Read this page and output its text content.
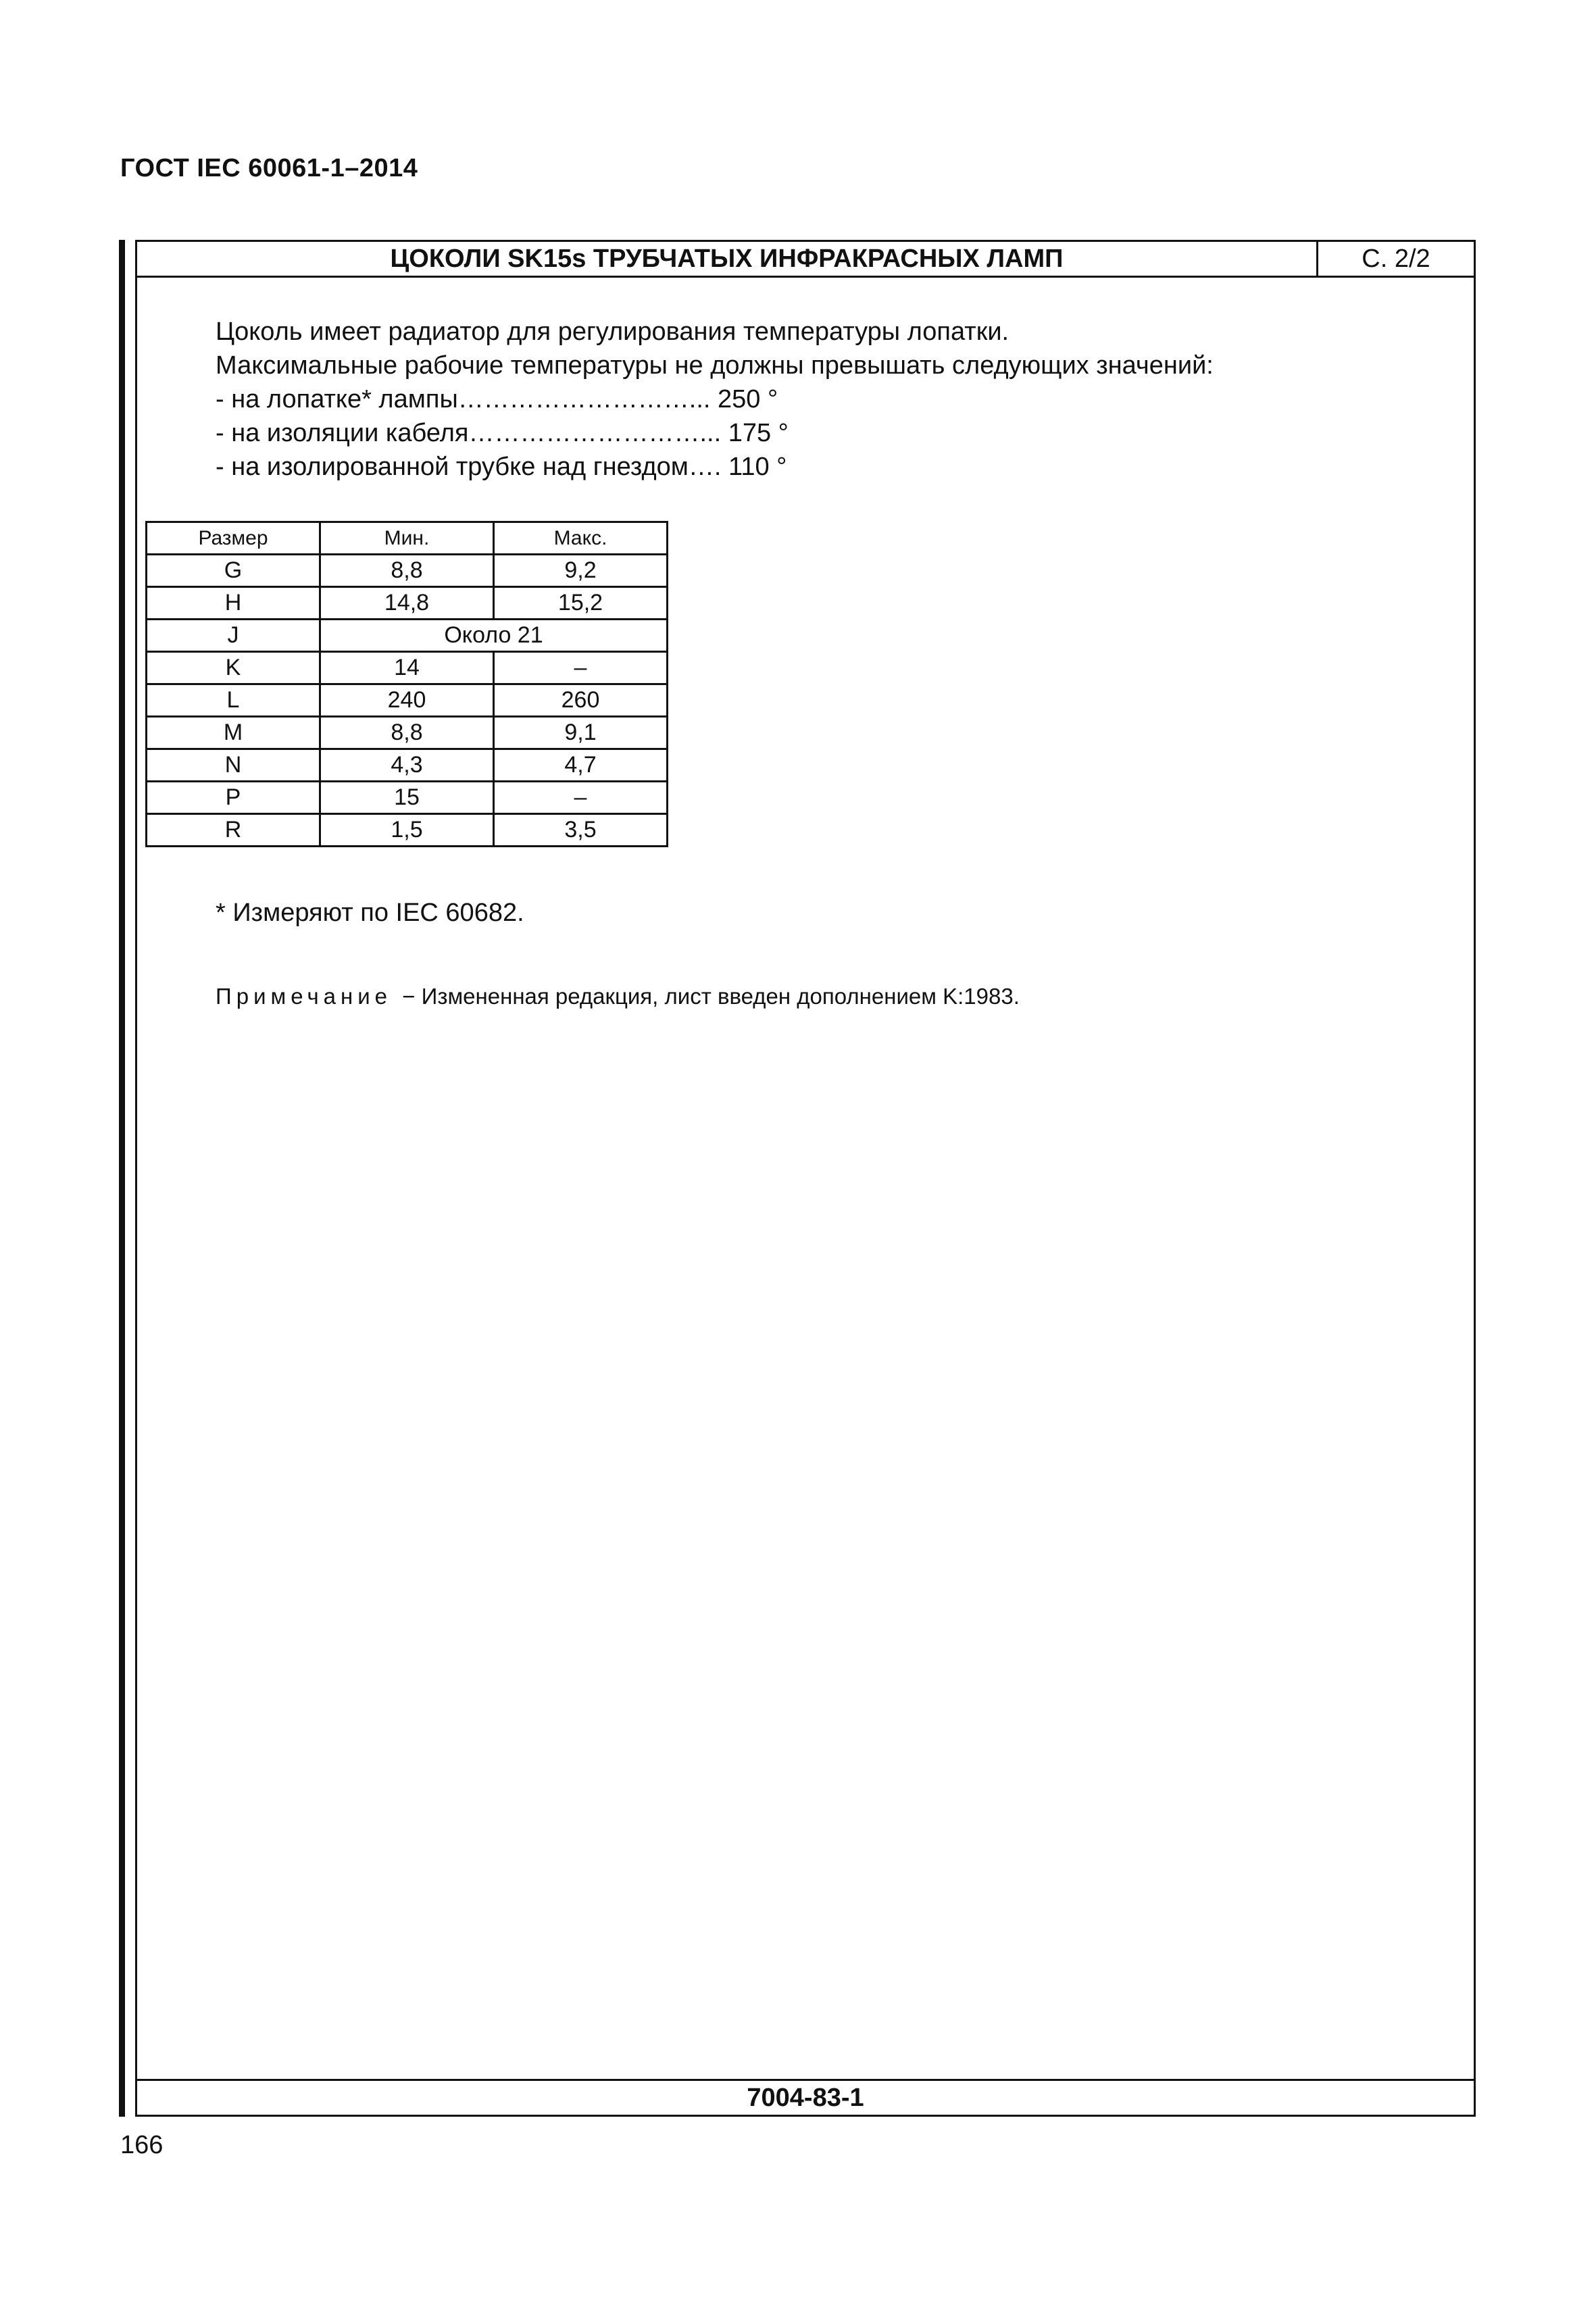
ГОСТ IEC 60061-1–2014
ЦОКОЛИ SK15s ТРУБЧАТЫХ ИНФРАКРАСНЫХ ЛАМП	С. 2/2
Цоколь имеет радиатор для регулирования температуры лопатки.
Максимальные рабочие температуры не должны превышать следующих значений:
- на лопатке* лампы………………………... 250 °
- на изоляции кабеля………………………... 175 °
- на изолированной трубке над гнездом…. 110 °
Размер	Мин.	Макс.
G	8,8	9,2
H	14,8	15,2
J	Около 21	
K	14	–
L	240	260
M	8,8	9,1
N	4,3	4,7
P	15	–
R	1,5	3,5
* Измеряют по IEC 60682.
Примечание − Измененная редакция, лист введен дополнением K:1983.
7004-83-1
166
